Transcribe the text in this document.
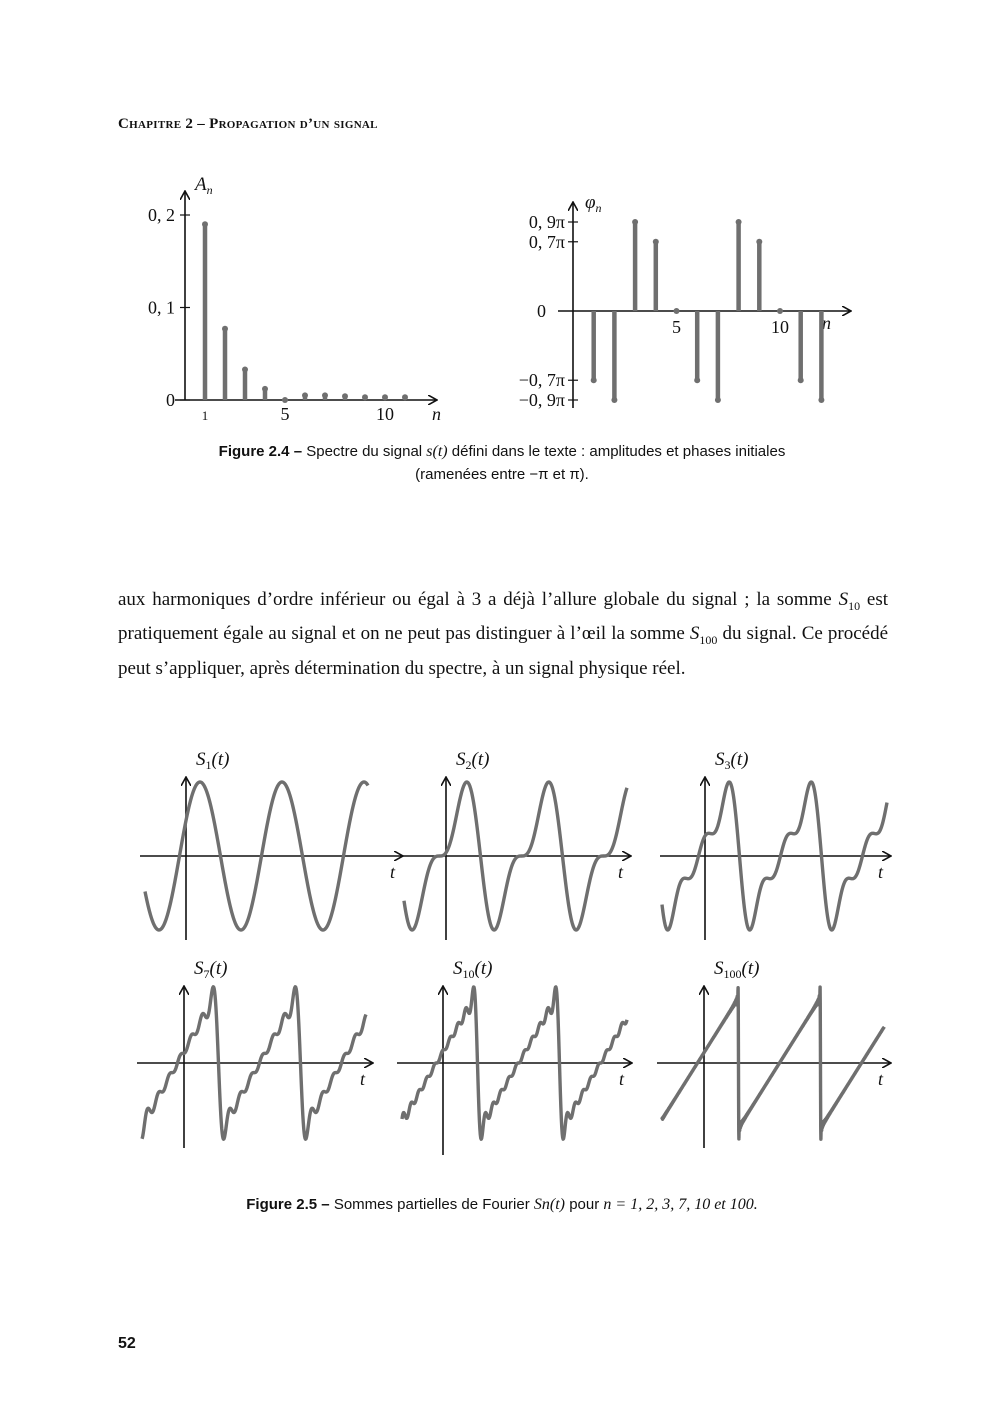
Chapitre 2 – Propagation d’un signal
$A_n$
n
0
0, 1
0, 2
1	5	10
$\varphi_n$
n
0, 9π
0, 7π
0
−0, 7π
−0, 9π
5	10
$S_1(t)$
t
$S_2(t)$
t
$S_3(t)$
t
$S_7(t)$
t
$S_{10}(t)$
t
$S_{100}(t)$
t
Figure 2.4 – Spectre du signal s(t) défini dans le texte : amplitudes et phases initiales
(ramenées entre −π et π).
aux harmoniques d’ordre inférieur ou égal à 3 a déjà l’allure globale du signal ; la somme $S_{10}$ est pratiquement égale au signal et on ne peut pas distinguer à l’œil la somme $S_{100}$ du signal. Ce procédé peut s’appliquer, après détermination du spectre, à un signal physique réel.
Figure 2.5 – Sommes partielles de Fourier Sn(t) pour n = 1, 2, 3, 7, 10 et 100.
52
